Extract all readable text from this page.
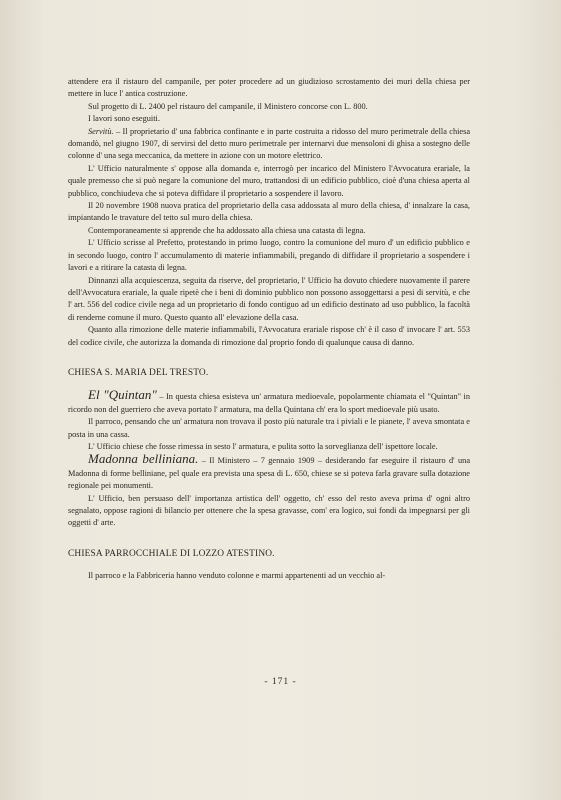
attendere era il ristauro del campanile, per poter procedere ad un giudizioso scrostamento dei muri della chiesa per mettere in luce l' antica costruzione.

Sul progetto di L. 2400 pel ristauro del campanile, il Ministero concorse con L. 800.

I lavori sono eseguiti.

Servitù. – Il proprietario d' una fabbrica confinante e in parte costruita a ridosso del muro perimetrale della chiesa domandò, nel giugno 1907, di servirsi del detto muro perimetrale per internarvi due mensoloni di ghisa a sostegno delle colonne d' una sega meccanica, da mettere in azione con un motore elettrico.

L' Ufficio naturalmente s' oppose alla domanda e, interrogò per incarico del Ministero l'Avvocatura erariale, la quale premesso che si può negare la comunione del muro, trattandosi di un edificio pubblico, cioè d'una chiesa aperta al pubblico, conchiudeva che si poteva diffidare il proprietario a sospendere il lavoro.

Il 20 novembre 1908 nuova pratica del proprietario della casa addossata al muro della chiesa, d' innalzare la casa, impiantando le travature del tetto sul muro della chiesa.

Contemporaneamente si apprende che ha addossato alla chiesa una catasta di legna.

L' Ufficio scrisse al Prefetto, protestando in primo luogo, contro la comunione del muro d' un edificio pubblico e in secondo luogo, contro l' accumulamento di materie infiammabili, pregando di diffidare il proprietario a sospendere i lavori e a ritirare la catasta di legna.

Dinnanzi alla acquiescenza, seguita da riserve, del proprietario, l' Ufficio ha dovuto chiedere nuovamente il parere dell'Avvocatura erariale, la quale ripetè che i beni di dominio pubblico non possono assoggettarsi a pesi di servitù, e che l' art. 556 del codice civile nega ad un proprietario di fondo contiguo ad un edificio destinato ad uso pubblico, la facoltà di renderne comune il muro. Questo quanto all' elevazione della casa.

Quanto alla rimozione delle materie infiammabili, l'Avvocatura erariale rispose ch' è il caso d' invocare l' art. 553 del codice civile, che autorizza la domanda di rimozione dal proprio fondo di qualunque causa di danno.

CHIESA S. MARIA DEL TRESTO.

El "Quintan" – In questa chiesa esisteva un' armatura medioevale, popolarmente chiamata el "Quintan" in ricordo non del guerriero che aveva portato l' armatura, ma della Quintana ch' era lo sport medioevale più usato.

Il parroco, pensando che un' armatura non trovava il posto più naturale tra i piviali e le pianete, l' aveva smontata e posta in una cassa.

L' Ufficio chiese che fosse rimessa in sesto l' armatura, e pulita sotto la sorveglianza dell' ispettore locale.

Madonna belliniana. – Il Ministero – 7 gennaio 1909 – desiderando far eseguire il ristauro d' una Madonna di forme belliniane, pel quale era prevista una spesa di L. 650, chiese se si poteva farla gravare sulla dotazione regionale pei monumenti.

L' Ufficio, ben persuaso dell' importanza artistica dell' oggetto, ch' esso del resto aveva prima d' ogni altro segnalato, oppose ragioni di bilancio per ottenere che la spesa gravasse, com' era logico, sui fondi da impegnarsi per gli oggetti d' arte.

CHIESA PARROCCHIALE DI LOZZO ATESTINO.

Il parroco e la Fabbriceria hanno venduto colonne e marmi appartenenti ad un vecchio al-

- 171 -
